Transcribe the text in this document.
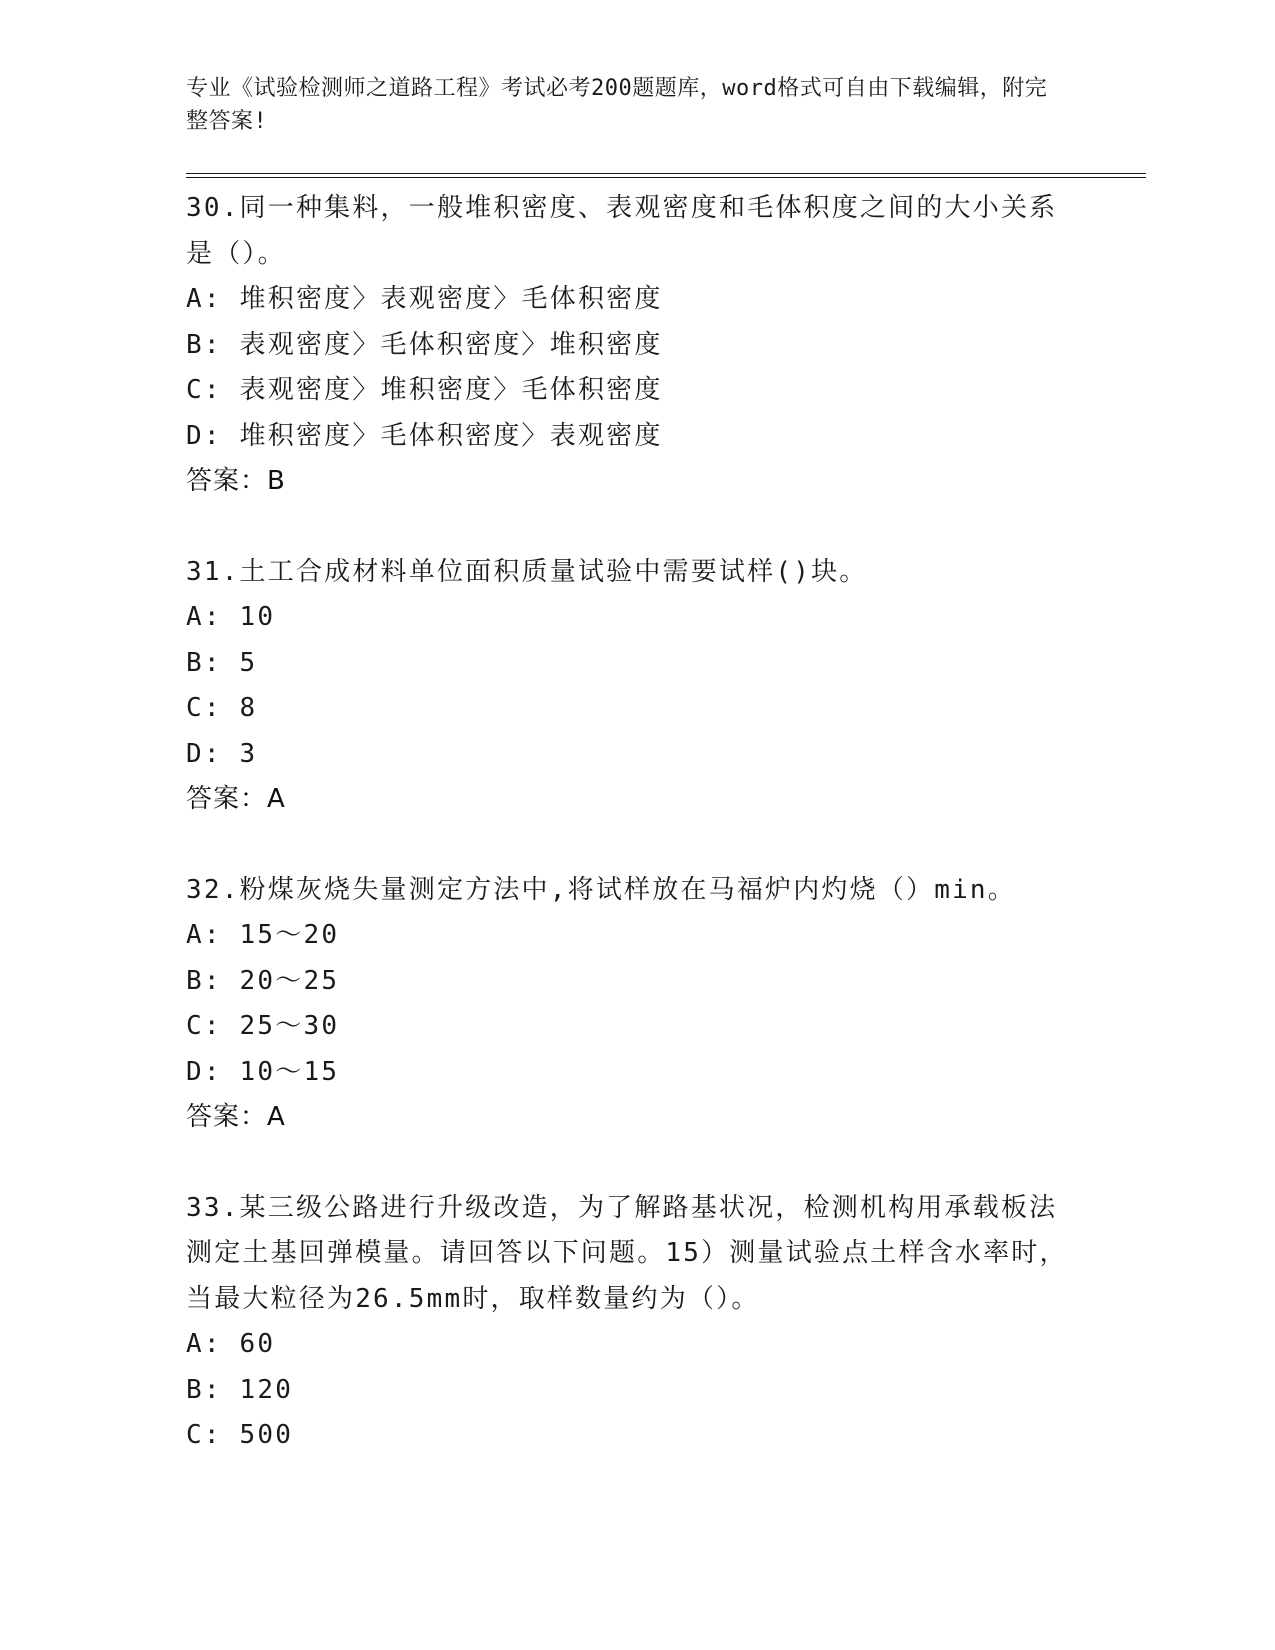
专业《试验检测师之道路工程》考试必考200题题库，word格式可自由下载编辑，附完整答案!

30.同一种集料，一般堆积密度、表观密度和毛体积度之间的大小关系是（）。

A: 堆积密度〉表观密度〉毛体积密度

B: 表观密度〉毛体积密度〉堆积密度

C: 表观密度〉堆积密度〉毛体积密度

D: 堆积密度〉毛体积密度〉表观密度

答案：B

31.土工合成材料单位面积质量试验中需要试样()块。

A: 10

B: 5

C: 8

D: 3

答案：A

32.粉煤灰烧失量测定方法中,将试样放在马福炉内灼烧（）min。

A: 15～20

B: 20～25

C: 25～30

D: 10～15

答案：A

33.某三级公路进行升级改造，为了解路基状况，检测机构用承载板法测定土基回弹模量。请回答以下问题。15）测量试验点土样含水率时，当最大粒径为26.5mm时，取样数量约为（）。

A: 60

B: 120

C: 500
